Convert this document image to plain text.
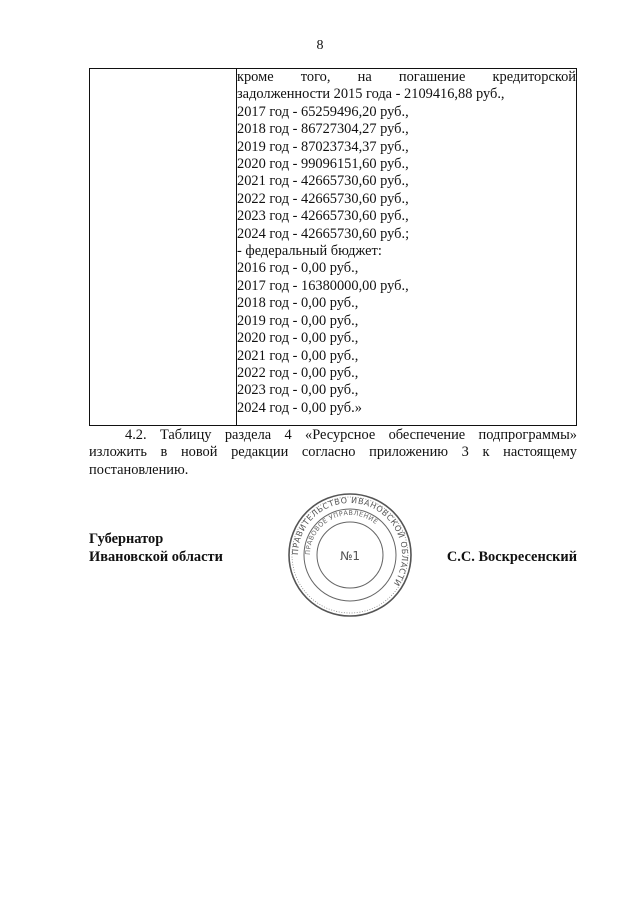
8

кроме того, на погашение кредиторской
задолженности 2015 года - 2109416,88 руб.,
2017 год - 65259496,20 руб.,
2018 год - 86727304,27 руб.,
2019 год - 87023734,37 руб.,
2020 год - 99096151,60 руб.,
2021 год - 42665730,60 руб.,
2022 год - 42665730,60 руб.,
2023 год - 42665730,60 руб.,
2024 год - 42665730,60 руб.;
- федеральный бюджет:
2016 год - 0,00 руб.,
2017 год - 16380000,00 руб.,
2018 год - 0,00 руб.,
2019 год - 0,00 руб.,
2020 год - 0,00 руб.,
2021 год - 0,00 руб.,
2022 год - 0,00 руб.,
2023 год - 0,00 руб.,
2024 год - 0,00 руб.»
4.2. Таблицу раздела 4 «Ресурсное обеспечение подпрограммы» изложить в новой редакции согласно приложению 3 к настоящему постановлению.
Губернатор
Ивановской области	С.С. Воскресенский
ПРАВИТЕЛЬСТВО ИВАНОВСКОЙ ОБЛАСТИ
ПРАВОВОЕ УПРАВЛЕНИЕ
№1
